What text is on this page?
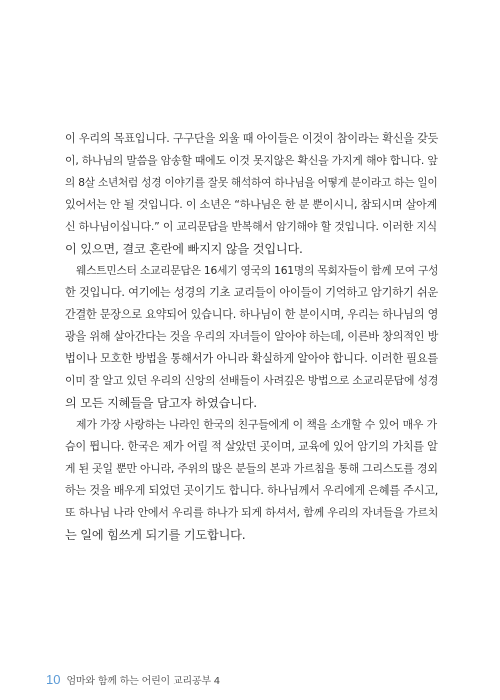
이 우리의 목표입니다. 구구단을 외울 때 아이들은 이것이 참이라는 확신을 갖듯
이, 하나님의 말씀을 암송할 때에도 이것 못지않은 확신을 가지게 해야 합니다. 앞
의 8살 소년처럼 성경 이야기를 잘못 해석하여 하나님을 어떻게 분이라고 하는 일이
있어서는 안 될 것입니다. 이 소년은 “하나님은 한 분 뿐이시니, 참되시며 살아계
신 하나님이십니다.” 이 교리문답을 반복해서 암기해야 할 것입니다. 이러한 지식
이 있으면, 결코 혼란에 빠지지 않을 것입니다.
웨스트민스터 소교리문답은 16세기 영국의 161명의 목회자들이 함께 모여 구성
한 것입니다. 여기에는 성경의 기초 교리들이 아이들이 기억하고 암기하기 쉬운
간결한 문장으로 요약되어 있습니다. 하나님이 한 분이시며, 우리는 하나님의 영
광을 위해 살아간다는 것을 우리의 자녀들이 알아야 하는데, 이른바 창의적인 방
법이나 모호한 방법을 통해서가 아니라 확실하게 알아야 합니다. 이러한 필요를
이미 잘 알고 있던 우리의 신앙의 선배들이 사려깊은 방법으로 소교리문답에 성경
의 모든 지혜들을 담고자 하였습니다.
제가 가장 사랑하는 나라인 한국의 친구들에게 이 책을 소개할 수 있어 매우 가
슴이 뜁니다. 한국은 제가 어릴 적 살았던 곳이며, 교육에 있어 암기의 가치를 알
게 된 곳일 뿐만 아니라, 주위의 많은 분들의 본과 가르침을 통해 그리스도를 경외
하는 것을 배우게 되었던 곳이기도 합니다. 하나님께서 우리에게 은혜를 주시고,
또 하나님 나라 안에서 우리를 하나가 되게 하셔서, 함께 우리의 자녀들을 가르치
는 일에 힘쓰게 되기를 기도합니다.
10 엄마와 함께 하는 어린이 교리공부 4
